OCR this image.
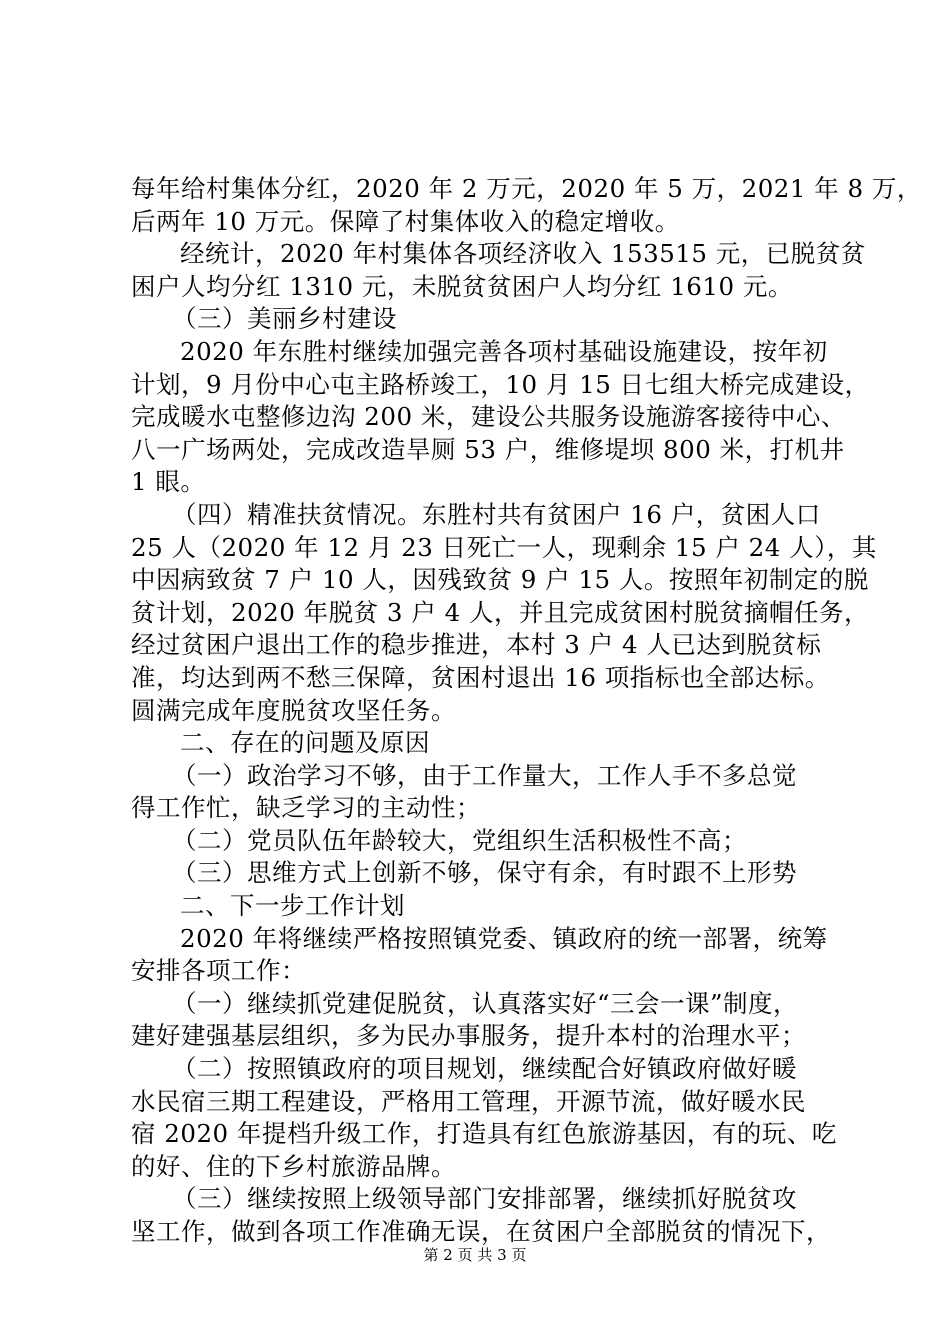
每年给村集体分红，2020 年 2 万元，2020 年 5 万，2021 年 8 万，
后两年 10 万元。保障了村集体收入的稳定增收。
经统计，2020 年村集体各项经济收入 153515 元，已脱贫贫
困户人均分红 1310 元，未脱贫贫困户人均分红 1610 元。
（三）美丽乡村建设
2020 年东胜村继续加强完善各项村基础设施建设，按年初
计划，9 月份中心屯主路桥竣工，10 月 15 日七组大桥完成建设，
完成暖水屯整修边沟 200 米，建设公共服务设施游客接待中心、
八一广场两处，完成改造旱厕 53 户，维修堤坝 800 米，打机井
1 眼。
（四）精准扶贫情况。东胜村共有贫困户 16 户，贫困人口
25 人（2020 年 12 月 23 日死亡一人，现剩余 15 户 24 人），其
中因病致贫 7 户 10 人，因残致贫 9 户 15 人。按照年初制定的脱
贫计划，2020 年脱贫 3 户 4 人，并且完成贫困村脱贫摘帽任务，
经过贫困户退出工作的稳步推进，本村 3 户 4 人已达到脱贫标
准，均达到两不愁三保障，贫困村退出 16 项指标也全部达标。
圆满完成年度脱贫攻坚任务。
二、存在的问题及原因
（一）政治学习不够，由于工作量大，工作人手不多总觉
得工作忙，缺乏学习的主动性；
（二）党员队伍年龄较大，党组织生活积极性不高；
（三）思维方式上创新不够，保守有余，有时跟不上形势
二、下一步工作计划
2020 年将继续严格按照镇党委、镇政府的统一部署，统筹
安排各项工作：
（一）继续抓党建促脱贫，认真落实好“三会一课”制度，
建好建强基层组织，多为民办事服务，提升本村的治理水平；
（二）按照镇政府的项目规划，继续配合好镇政府做好暖
水民宿三期工程建设，严格用工管理，开源节流，做好暖水民
宿 2020 年提档升级工作，打造具有红色旅游基因，有的玩、吃
的好、住的下乡村旅游品牌。
（三）继续按照上级领导部门安排部署，继续抓好脱贫攻
坚工作，做到各项工作准确无误，在贫困户全部脱贫的情况下，
第 2 页 共 3 页
